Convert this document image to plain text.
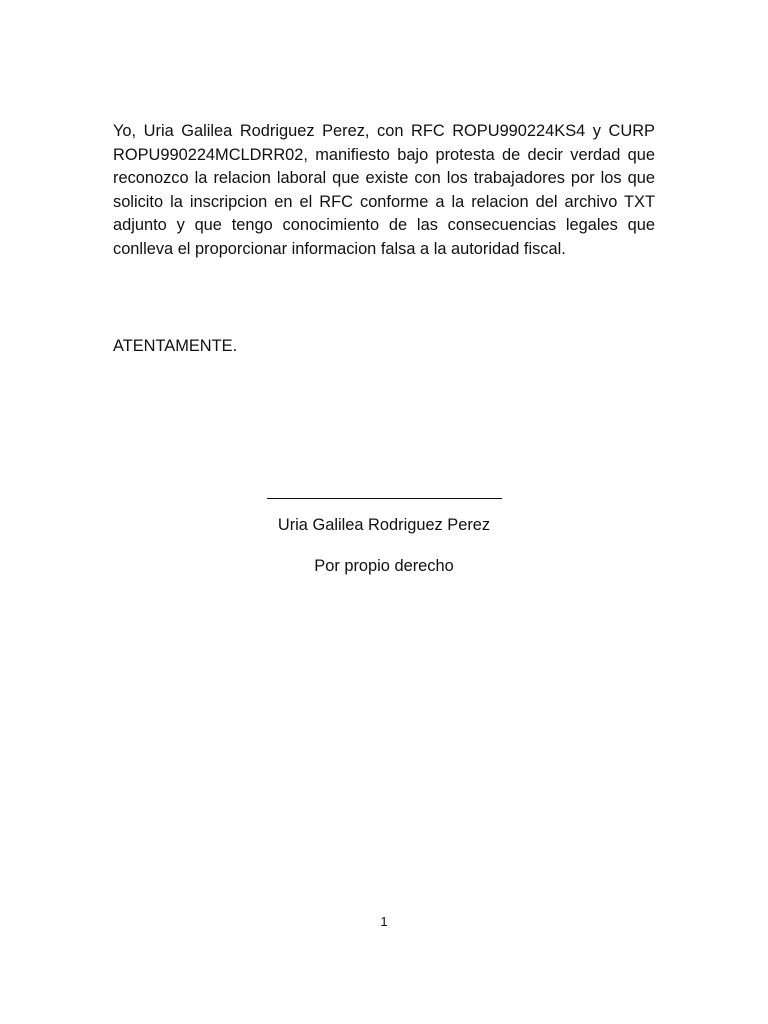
Yo, Uria Galilea Rodriguez Perez, con RFC ROPU990224KS4 y CURP ROPU990224MCLDRR02, manifiesto bajo protesta de decir verdad que reconozco la relacion laboral que existe con los trabajadores por los que solicito la inscripcion en el RFC conforme a la relacion del archivo TXT adjunto y que tengo conocimiento de las consecuencias legales que conlleva el proporcionar informacion falsa a la autoridad fiscal.

ATENTAMENTE.

Uria Galilea Rodriguez Perez

Por propio derecho

1
